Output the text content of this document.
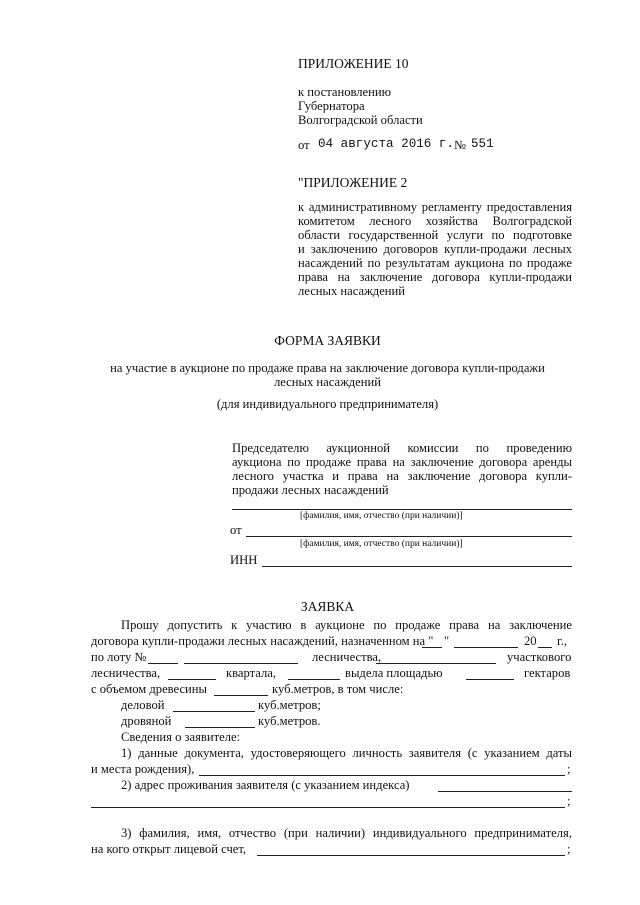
ПРИЛОЖЕНИЕ 10
к постановлению
Губернатора
Волгоградской области
от 04 августа 2016 г. № 551
"ПРИЛОЖЕНИЕ 2
к административному регламенту предоставления
комитетом лесного хозяйства Волгоградской
области государственной услуги по подготовке
и заключению договоров купли-продажи лесных
насаждений по результатам аукциона по продаже
права на заключение договора купли-продажи
лесных насаждений
ФОРМА ЗАЯВКИ
на участие в аукционе по продаже права на заключение договора купли-продажи
лесных насаждений
(для индивидуального предпринимателя)
Председателю аукционной комиссии по проведению
аукциона по продаже права на заключение договора аренды
лесного участка и права на заключение договора купли-
продажи лесных насаждений
[фамилия, имя, отчество (при наличии)]
от
[фамилия, имя, отчество (при наличии)]
ИНН
ЗАЯВКА
Прошу допустить к участию в аукционе по продаже права на заключение
договора купли-продажи лесных насаждений, назначенном на " "	20 г.,
по лоту №	лесничества,	участкового
лесничества,	квартала,	выдела площадью	гектаров
с объемом древесины	куб.метров, в том числе:
деловой	куб.метров;
дровяной	куб.метров.
Сведения о заявителе:
1) данные документа, удостоверяющего личность заявителя (с указанием даты
и места рождения),	;
2) адрес проживания заявителя (с указанием индекса)
;
3) фамилия, имя, отчество (при наличии) индивидуального предпринимателя,
на кого открыт лицевой счет,	;
